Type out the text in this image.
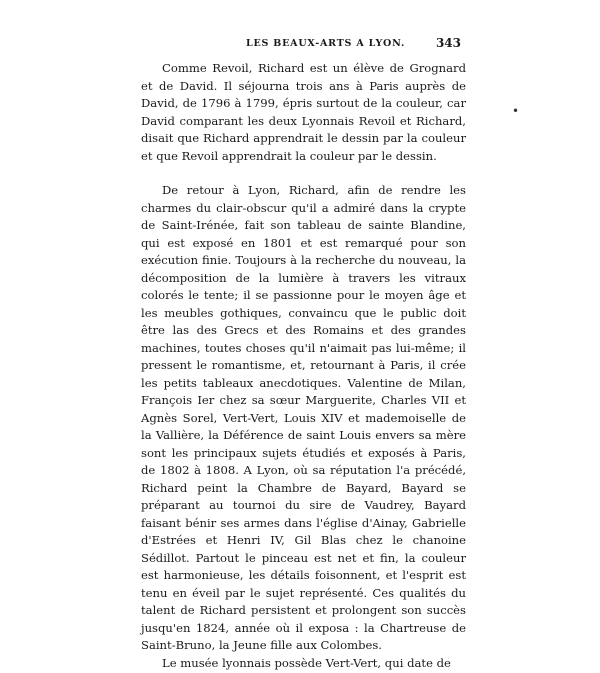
LES BEAUX-ARTS A LYON.	343
•

Comme Revoil, Richard est un élève de Grognard et de David. Il séjourna trois ans à Paris auprès de David, de 1796 à 1799, épris surtout de la couleur, car David comparant les deux Lyonnais Revoil et Richard, disait que Richard apprendrait le dessin par la couleur et que Revoil apprendrait la couleur par le dessin.

De retour à Lyon, Richard, afin de rendre les charmes du clair-obscur qu'il a admiré dans la crypte de Saint-Irénée, fait son tableau de sainte Blandine, qui est exposé en 1801 et est remarqué pour son exécution finie. Toujours à la recherche du nouveau, la décomposition de la lumière à travers les vitraux colorés le tente; il se passionne pour le moyen âge et les meubles gothiques, convaincu que le public doit être las des Grecs et des Romains et des grandes machines, toutes choses qu'il n'aimait pas lui-même; il pressent le romantisme, et, retournant à Paris, il crée les petits tableaux anecdotiques. Valentine de Milan, François Ier chez sa sœur Marguerite, Charles VII et Agnès Sorel, Vert-Vert, Louis XIV et mademoiselle de la Vallière, la Déférence de saint Louis envers sa mère sont les principaux sujets étudiés et exposés à Paris, de 1802 à 1808. A Lyon, où sa réputation l'a précédé, Richard peint la Chambre de Bayard, Bayard se préparant au tournoi du sire de Vaudrey, Bayard faisant bénir ses armes dans l'église d'Ainay, Gabrielle d'Estrées et Henri IV, Gil Blas chez le chanoine Sédillot. Partout le pinceau est net et fin, la couleur est harmonieuse, les détails foisonnent, et l'esprit est tenu en éveil par le sujet représenté. Ces qualités du talent de Richard persistent et prolongent son succès jusqu'en 1824, année où il exposa : la Chartreuse de Saint-Bruno, la Jeune fille aux Colombes.

Le musée lyonnais possède Vert-Vert, qui date de
